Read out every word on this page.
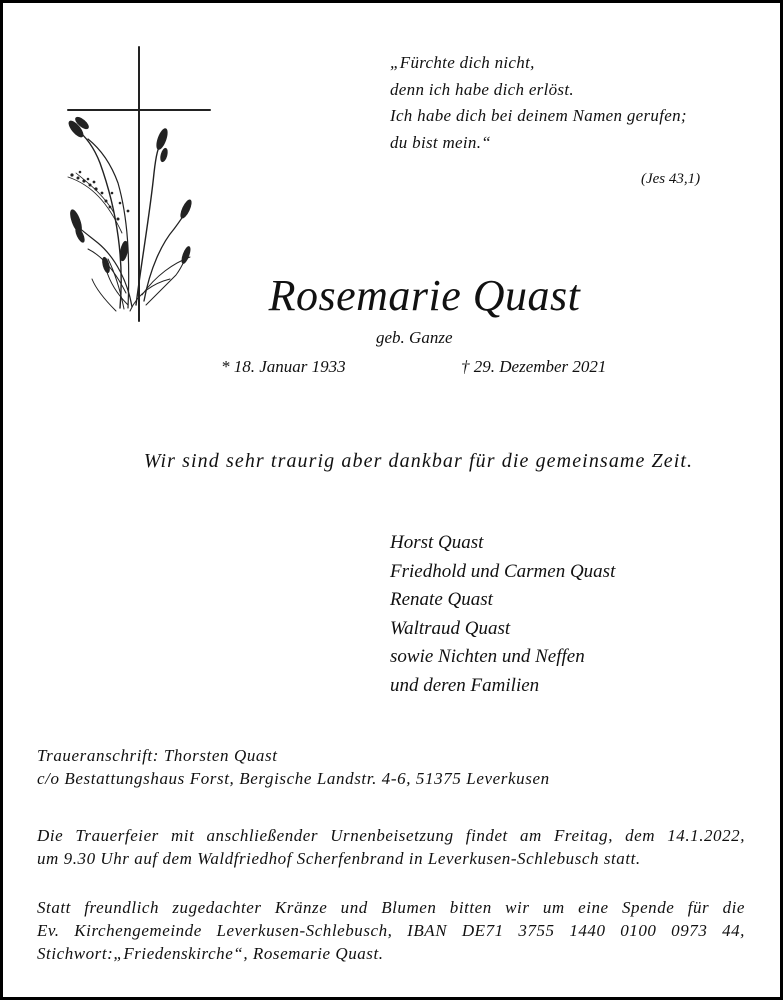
„Fürchte dich nicht,
denn ich habe dich erlöst.
Ich habe dich bei deinem Namen gerufen;
du bist mein.“
(Jes 43,1)
Rosemarie Quast
geb. Ganze
* 18. Januar 1933	† 29. Dezember 2021
Wir sind sehr traurig aber dankbar für die gemeinsame Zeit.
Horst Quast
Friedhold und Carmen Quast
Renate Quast
Waltraud Quast
sowie Nichten und Neffen
und deren Familien
Traueranschrift: Thorsten Quast
c/o Bestattungshaus Forst, Bergische Landstr. 4-6, 51375 Leverkusen
Die Trauerfeier mit anschließender Urnenbeisetzung findet am Freitag, dem 14.1.2022,
um 9.30 Uhr auf dem Waldfriedhof Scherfenbrand in Leverkusen-Schlebusch statt.
Statt freundlich zugedachter Kränze und Blumen bitten wir um eine Spende für die
Ev. Kirchengemeinde Leverkusen-Schlebusch, IBAN DE71 3755 1440 0100 0973 44,
Stichwort:„Friedenskirche“, Rosemarie Quast.
